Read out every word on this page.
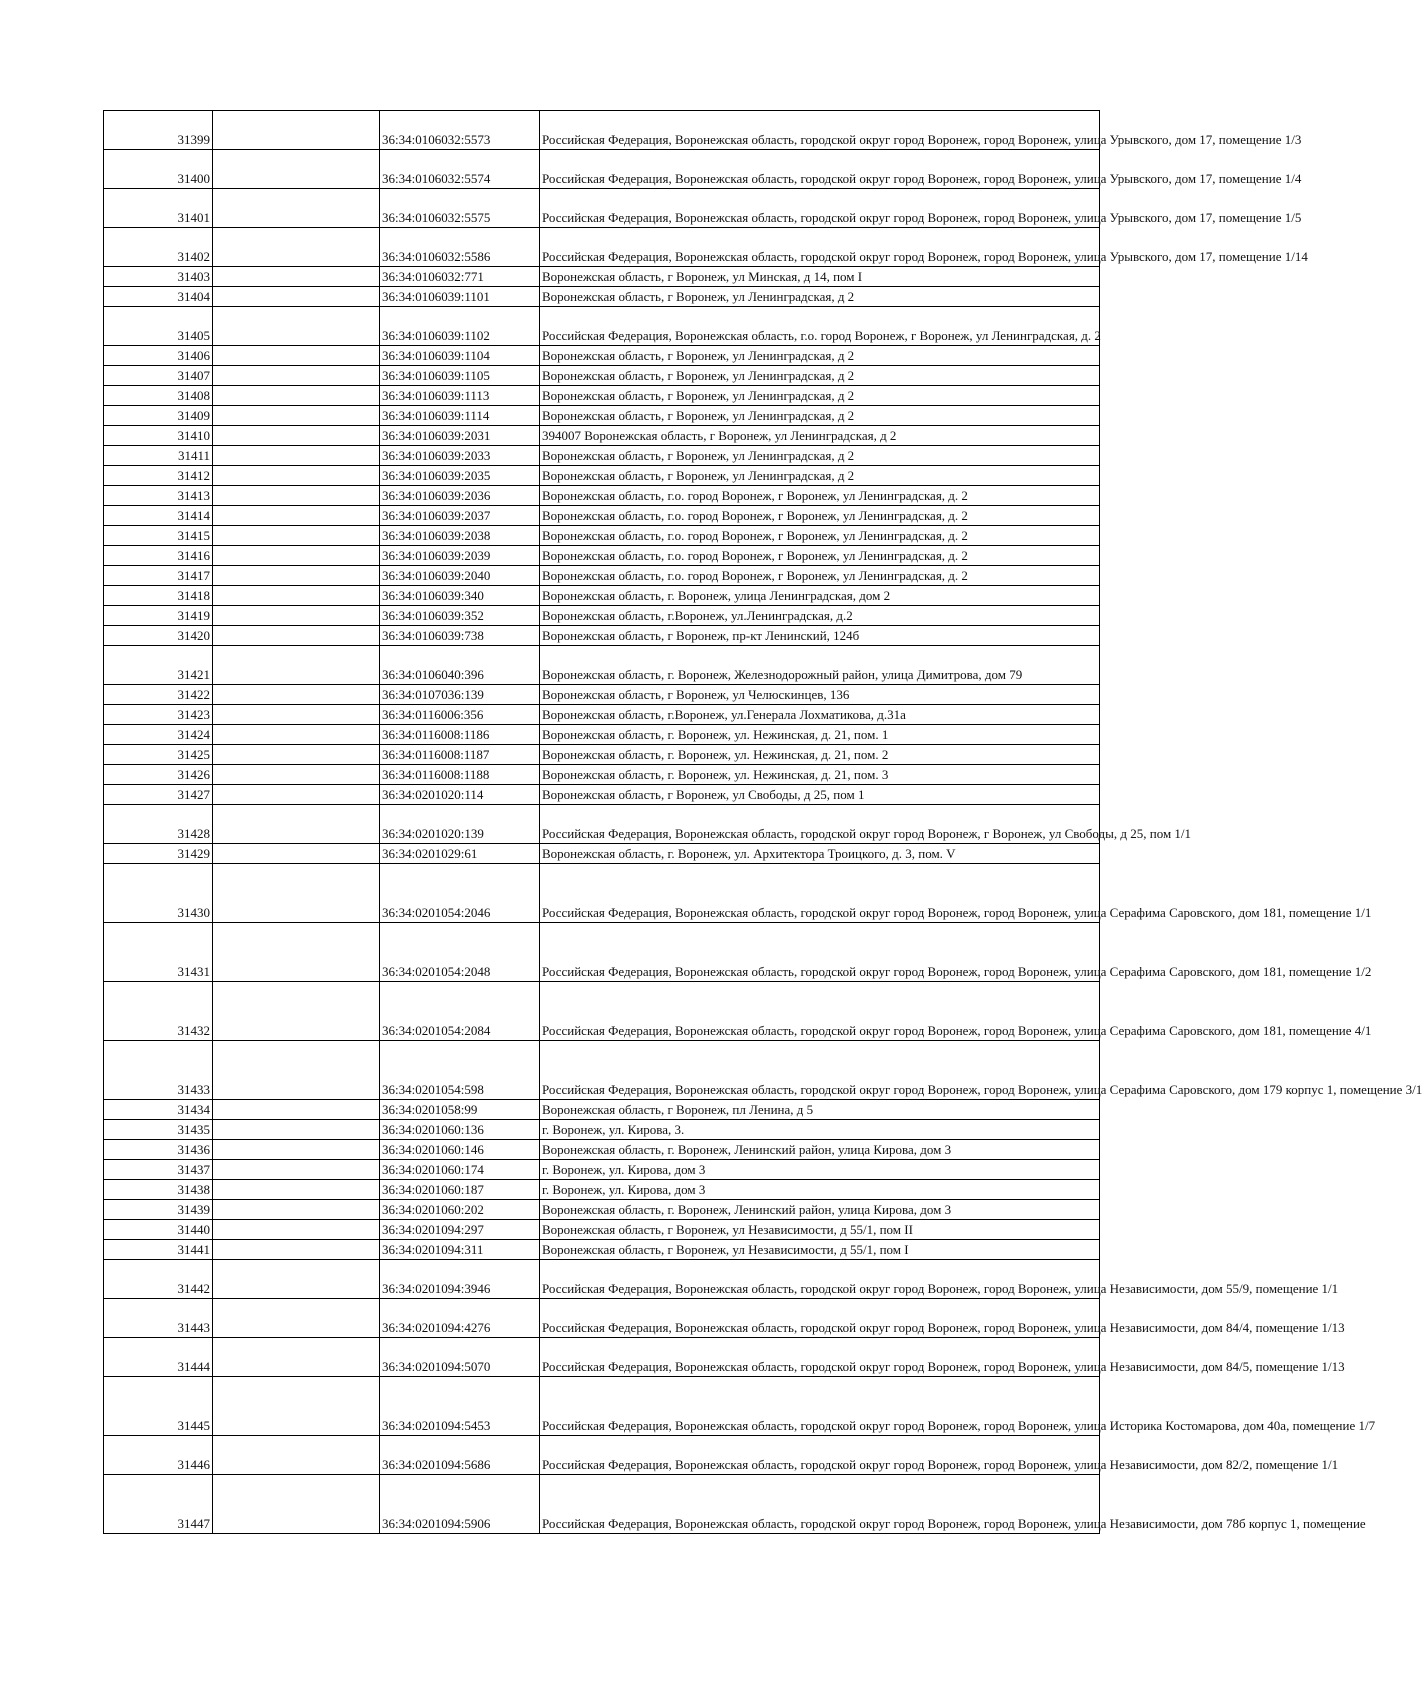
31399		36:34:0106032:5573	Российская Федерация, Воронежская область, городской округ город Воронеж, город Воронеж, улица Урывского, дом 17, помещение 1/3
31400		36:34:0106032:5574	Российская Федерация, Воронежская область, городской округ город Воронеж, город Воронеж, улица Урывского, дом 17, помещение 1/4
31401		36:34:0106032:5575	Российская Федерация, Воронежская область, городской округ город Воронеж, город Воронеж, улица Урывского, дом 17, помещение 1/5
31402		36:34:0106032:5586	Российская Федерация, Воронежская область, городской округ город Воронеж, город Воронеж, улица Урывского, дом 17, помещение 1/14
31403		36:34:0106032:771	Воронежская область, г Воронеж, ул Минская, д 14, пом I
31404		36:34:0106039:1101	Воронежская область, г Воронеж, ул Ленинградская, д 2
31405		36:34:0106039:1102	Российская Федерация, Воронежская область, г.о. город Воронеж, г Воронеж, ул Ленинградская, д. 2
31406		36:34:0106039:1104	Воронежская область, г Воронеж, ул Ленинградская, д 2
31407		36:34:0106039:1105	Воронежская область, г Воронеж, ул Ленинградская, д 2
31408		36:34:0106039:1113	Воронежская область, г Воронеж, ул Ленинградская, д 2
31409		36:34:0106039:1114	Воронежская область, г Воронеж, ул Ленинградская, д 2
31410		36:34:0106039:2031	394007 Воронежская область, г Воронеж, ул Ленинградская, д 2
31411		36:34:0106039:2033	Воронежская область, г Воронеж, ул Ленинградская, д 2
31412		36:34:0106039:2035	Воронежская область, г Воронеж, ул Ленинградская, д 2
31413		36:34:0106039:2036	Воронежская область, г.о. город Воронеж, г Воронеж, ул Ленинградская, д. 2
31414		36:34:0106039:2037	Воронежская область, г.о. город Воронеж, г Воронеж, ул Ленинградская, д. 2
31415		36:34:0106039:2038	Воронежская область, г.о. город Воронеж, г Воронеж, ул Ленинградская, д. 2
31416		36:34:0106039:2039	Воронежская область, г.о. город Воронеж, г Воронеж, ул Ленинградская, д. 2
31417		36:34:0106039:2040	Воронежская область, г.о. город Воронеж, г Воронеж, ул Ленинградская, д. 2
31418		36:34:0106039:340	Воронежская область, г. Воронеж, улица Ленинградская, дом 2
31419		36:34:0106039:352	Воронежская область, г.Воронеж, ул.Ленинградская, д.2
31420		36:34:0106039:738	Воронежская область, г Воронеж, пр-кт Ленинский, 124б
31421		36:34:0106040:396	Воронежская область, г. Воронеж, Железнодорожный район, улица Димитрова, дом 79
31422		36:34:0107036:139	Воронежская область, г Воронеж, ул Челюскинцев, 136
31423		36:34:0116006:356	Воронежская область, г.Воронеж, ул.Генерала Лохматикова, д.31а
31424		36:34:0116008:1186	Воронежская область, г. Воронеж, ул. Нежинская, д. 21, пом. 1
31425		36:34:0116008:1187	Воронежская область, г. Воронеж, ул. Нежинская, д. 21, пом. 2
31426		36:34:0116008:1188	Воронежская область, г. Воронеж, ул. Нежинская, д. 21, пом. 3
31427		36:34:0201020:114	Воронежская область, г Воронеж, ул Свободы, д 25, пом 1
31428		36:34:0201020:139	Российская Федерация, Воронежская область, городской округ город Воронеж, г Воронеж, ул Свободы, д 25, пом 1/1
31429		36:34:0201029:61	Воронежская область, г. Воронеж, ул. Архитектора Троицкого, д. 3, пом. V
31430		36:34:0201054:2046	Российская Федерация, Воронежская область, городской округ город Воронеж, город Воронеж, улица Серафима Саровского, дом 181, помещение 1/1
31431		36:34:0201054:2048	Российская Федерация, Воронежская область, городской округ город Воронеж, город Воронеж, улица Серафима Саровского, дом 181, помещение 1/2
31432		36:34:0201054:2084	Российская Федерация, Воронежская область, городской округ город Воронеж, город Воронеж, улица Серафима Саровского, дом 181, помещение 4/1
31433		36:34:0201054:598	Российская Федерация, Воронежская область, городской округ город Воронеж, город Воронеж, улица Серафима Саровского, дом 179 корпус 1, помещение 3/1
31434		36:34:0201058:99	Воронежская область, г Воронеж, пл Ленина, д 5
31435		36:34:0201060:136	г. Воронеж, ул. Кирова, 3.
31436		36:34:0201060:146	Воронежская область, г. Воронеж, Ленинский район, улица Кирова, дом 3
31437		36:34:0201060:174	г. Воронеж, ул. Кирова, дом 3
31438		36:34:0201060:187	г. Воронеж, ул. Кирова, дом 3
31439		36:34:0201060:202	Воронежская область, г. Воронеж, Ленинский район, улица Кирова, дом 3
31440		36:34:0201094:297	Воронежская область, г Воронеж, ул Независимости, д 55/1, пом II
31441		36:34:0201094:311	Воронежская область, г Воронеж, ул Независимости, д 55/1, пом I
31442		36:34:0201094:3946	Российская Федерация, Воронежская область, городской округ город Воронеж, город Воронеж, улица Независимости, дом 55/9, помещение 1/1
31443		36:34:0201094:4276	Российская Федерация, Воронежская область, городской округ город Воронеж, город Воронеж, улица Независимости, дом 84/4, помещение 1/13
31444		36:34:0201094:5070	Российская Федерация, Воронежская область, городской округ город Воронеж, город Воронеж, улица Независимости, дом 84/5, помещение 1/13
31445		36:34:0201094:5453	Российская Федерация, Воронежская область, городской округ город Воронеж, город Воронеж, улица Историка Костомарова, дом 40а, помещение 1/7
31446		36:34:0201094:5686	Российская Федерация, Воронежская область, городской округ город Воронеж, город Воронеж, улица Независимости, дом 82/2, помещение 1/1
31447		36:34:0201094:5906	Российская Федерация, Воронежская область, городской округ город Воронеж, город Воронеж, улица Независимости, дом 78б корпус 1, помещение
